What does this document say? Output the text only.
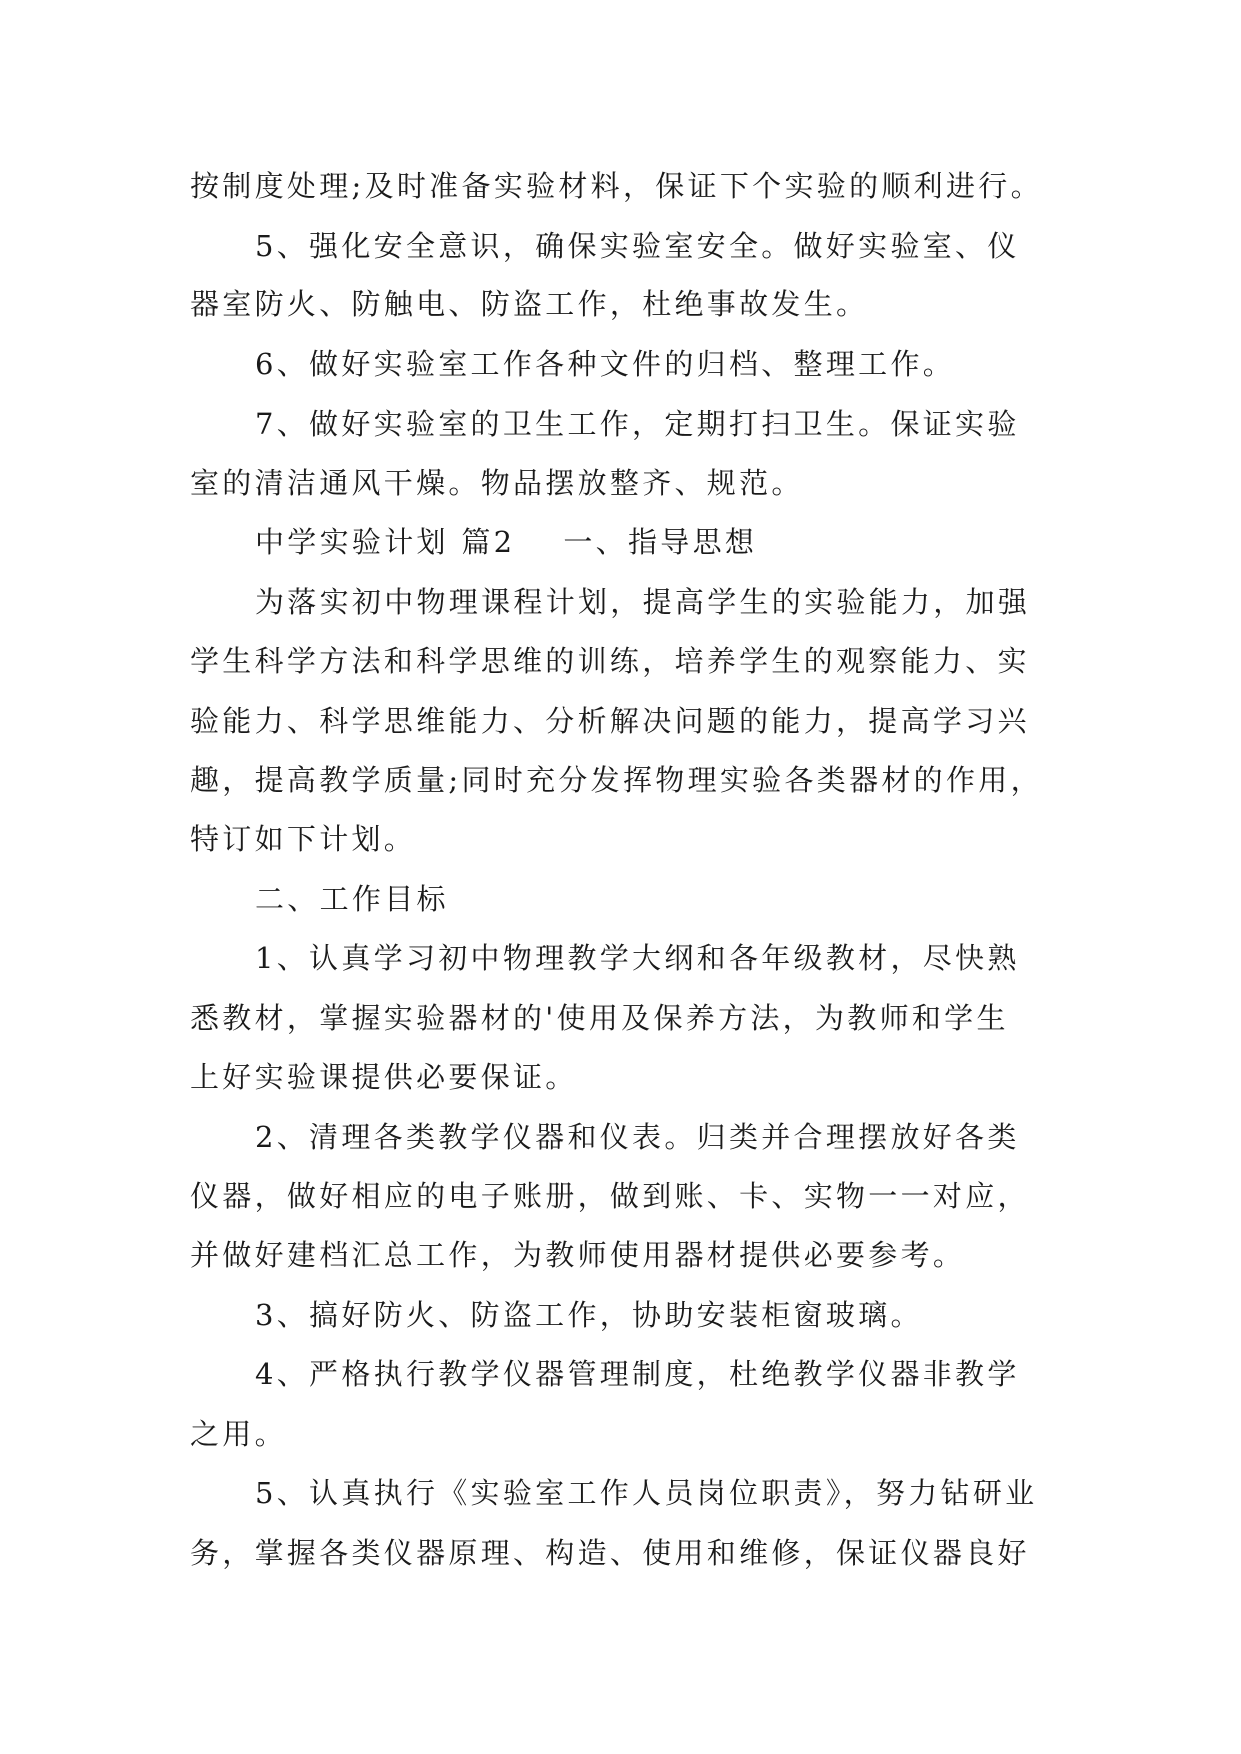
按制度处理;及时准备实验材料，保证下个实验的顺利进行。
5、强化安全意识，确保实验室安全。做好实验室、仪
器室防火、防触电、防盗工作，杜绝事故发生。
6、做好实验室工作各种文件的归档、整理工作。
7、做好实验室的卫生工作，定期打扫卫生。保证实验
室的清洁通风干燥。物品摆放整齐、规范。
中学实验计划 篇2 一、指导思想
为落实初中物理课程计划，提高学生的实验能力，加强
学生科学方法和科学思维的训练，培养学生的观察能力、实
验能力、科学思维能力、分析解决问题的能力，提高学习兴
趣，提高教学质量;同时充分发挥物理实验各类器材的作用，
特订如下计划。
二、工作目标
1、认真学习初中物理教学大纲和各年级教材，尽快熟
悉教材，掌握实验器材的'使用及保养方法，为教师和学生
上好实验课提供必要保证。
2、清理各类教学仪器和仪表。归类并合理摆放好各类
仪器，做好相应的电子账册，做到账、卡、实物一一对应，
并做好建档汇总工作，为教师使用器材提供必要参考。
3、搞好防火、防盗工作，协助安装柜窗玻璃。
4、严格执行教学仪器管理制度，杜绝教学仪器非教学
之用。
5、认真执行《实验室工作人员岗位职责》，努力钻研业
务，掌握各类仪器原理、构造、使用和维修，保证仪器良好
